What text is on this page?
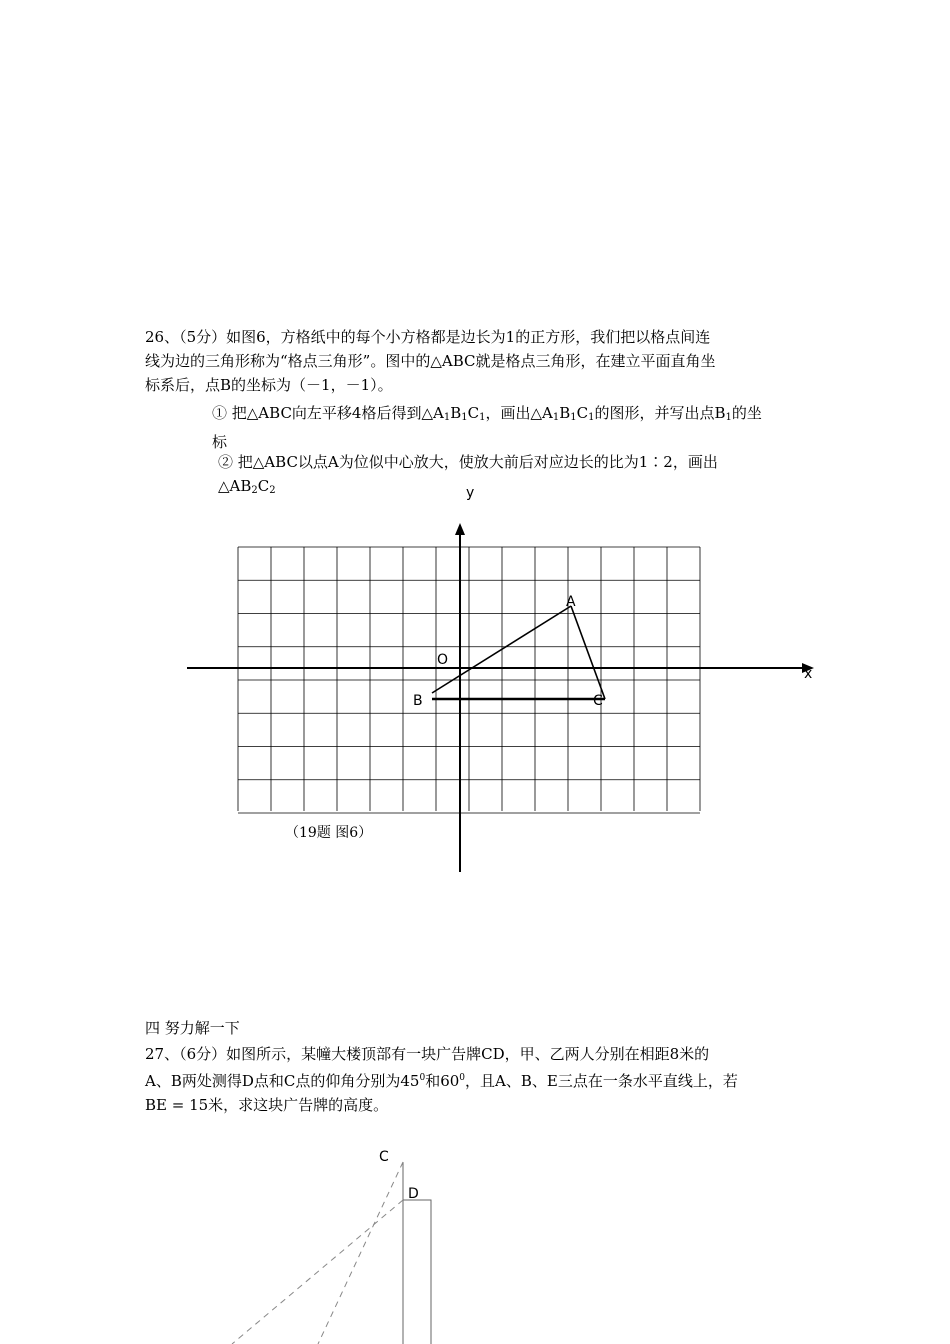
26、（5分）如图6，方格纸中的每个小方格都是边长为1的正方形，我们把以格点间连
线为边的三角形称为“格点三角形”。图中的△ABC就是格点三角形，在建立平面直角坐
标系后，点B的坐标为（－1，－1）。
① 把△ABC向左平移4格后得到$\triangle A_1B_1C_1$，画出$\triangle A_1B_1C_1$的图形，并写出点$B_1$的坐
标
② 把△ABC以点A为位似中心放大，使放大前后对应边长的比为1∶2，画出
$\triangle AB_2C_2$	y
x
O
A
B	C
（19题 图6）
四 努力解一下
27、（6分）如图所示，某幢大楼顶部有一块广告牌CD，甲、乙两人分别在相距8米的
A、B两处测得D点和C点的仰角分别为$45^0$和$60^0$，且A、B、E三点在一条水平直线上，若
BE = 15米，求这块广告牌的高度。
C
D
